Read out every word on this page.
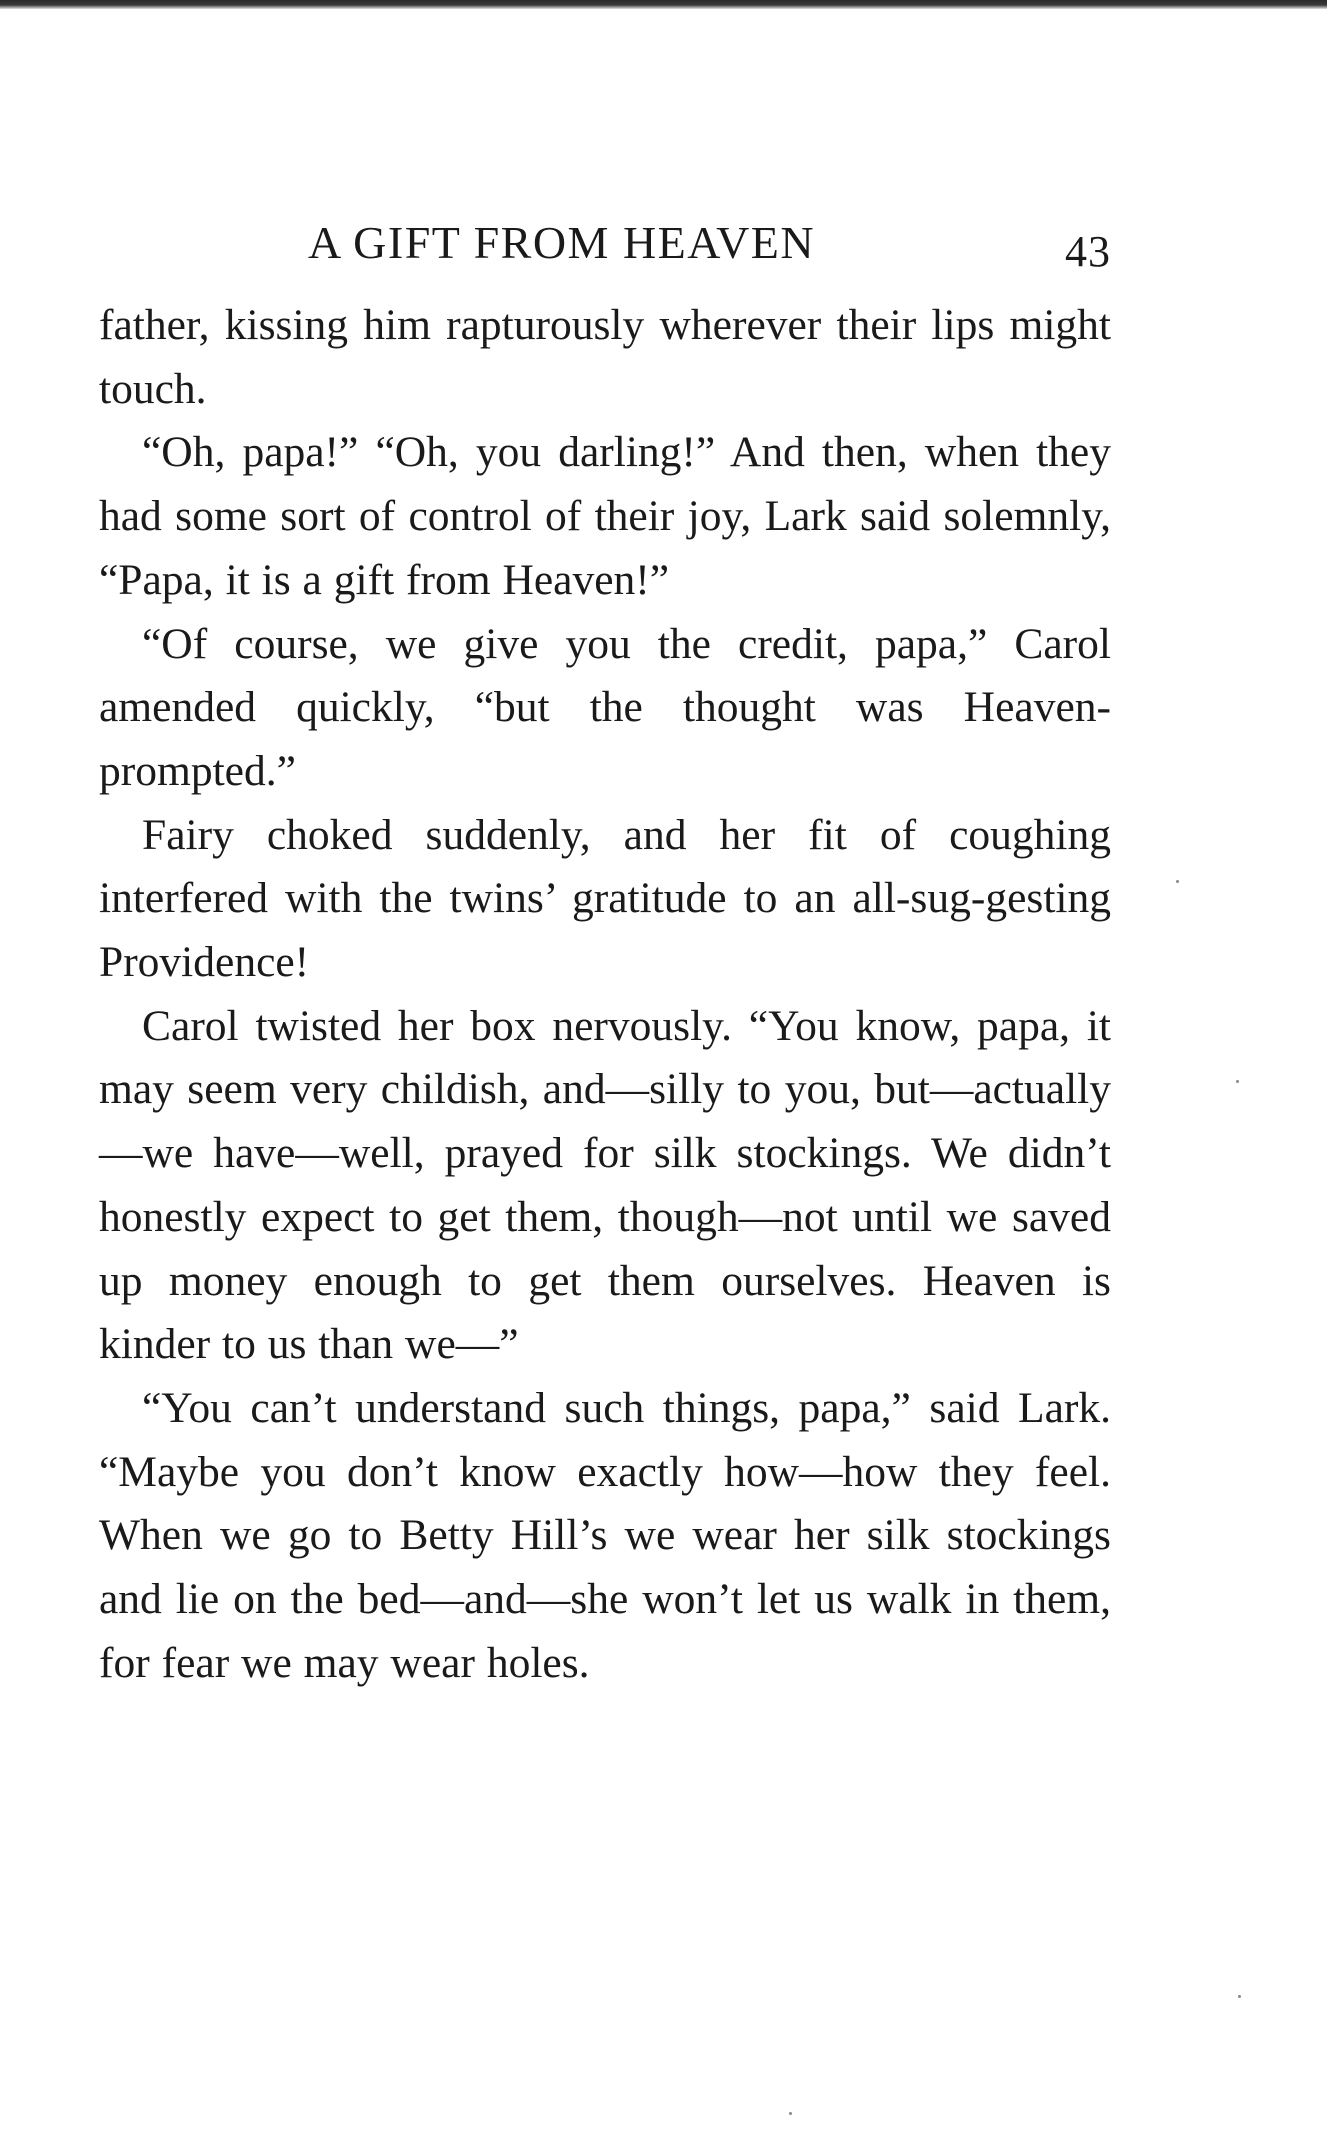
A GIFT FROM HEAVEN	43

father, kissing him rapturously wherever their lips might touch.

“Oh, papa!” “Oh, you darling!” And then, when they had some sort of control of their joy, Lark said solemnly, “Papa, it is a gift from Heaven!”

“Of course, we give you the credit, papa,” Carol amended quickly, “but the thought was Heaven-prompted.”

Fairy choked suddenly, and her fit of coughing interfered with the twins’ gratitude to an all-sug-gesting Providence!

Carol twisted her box nervously. “You know, papa, it may seem very childish, and—silly to you, but—actually—we have—well, prayed for silk stockings. We didn’t honestly expect to get them, though—not until we saved up money enough to get them ourselves. Heaven is kinder to us than we—”

“You can’t understand such things, papa,” said Lark. “Maybe you don’t know exactly how—how they feel. When we go to Betty Hill’s we wear her silk stockings and lie on the bed—and—she won’t let us walk in them, for fear we may wear holes.
